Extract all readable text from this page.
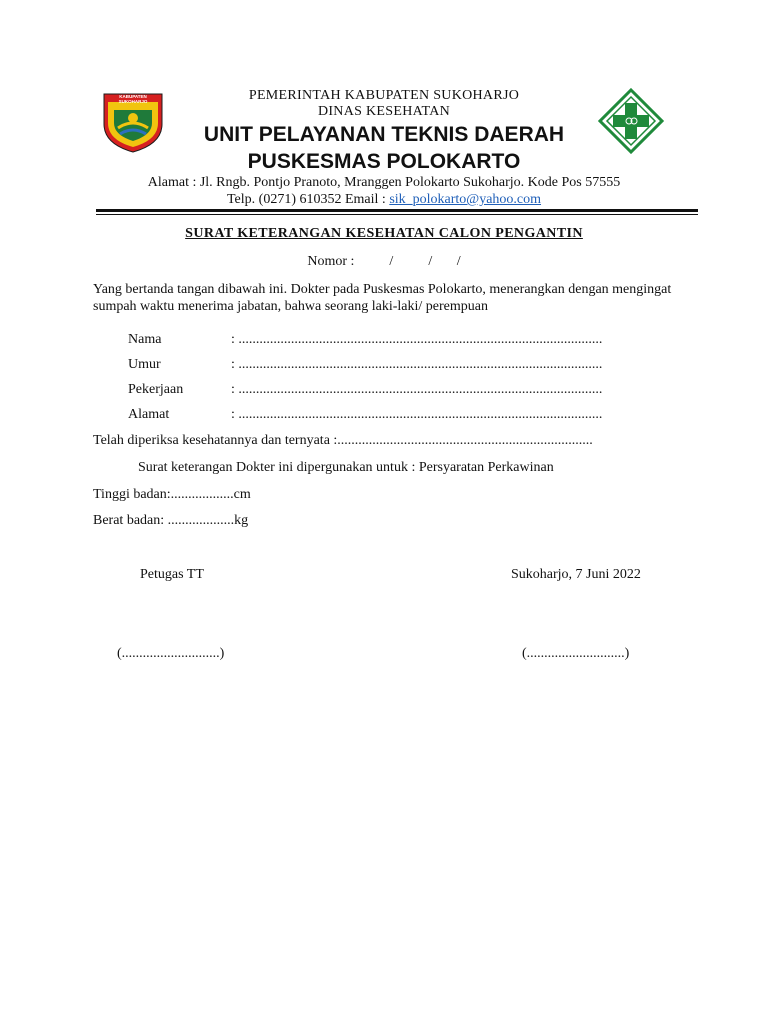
KABUPATEN SUKOHARJO	PEMERINTAH KABUPATEN SUKOHARJO
DINAS KESEHATAN
UNIT PELAYANAN TEKNIS DAERAH
PUSKESMAS POLOKARTO
Alamat : Jl. Rngb. Pontjo Pranoto, Mranggen Polokarto Sukoharjo. Kode Pos 57555
Telp. (0271) 610352 Email : sik_polokarto@yahoo.com
SURAT KETERANGAN KESEHATAN CALON PENGANTIN
Nomor :          /          /       /
Yang bertanda tangan dibawah ini. Dokter pada Puskesmas Polokarto, menerangkan dengan mengingat sumpah waktu menerima jabatan, bahwa seorang laki-laki/ perempuan
Nama	: ........................................................................................................
Umur	: ........................................................................................................
Pekerjaan	: ........................................................................................................
Alamat	: ........................................................................................................
Telah diperiksa kesehatannya dan ternyata :.........................................................................
Surat keterangan Dokter ini dipergunakan untuk : Persyaratan Perkawinan
Tinggi badan:..................cm
Berat badan: ...................kg
Petugas TT	Sukoharjo, 7 Juni 2022
(............................)	(............................)
